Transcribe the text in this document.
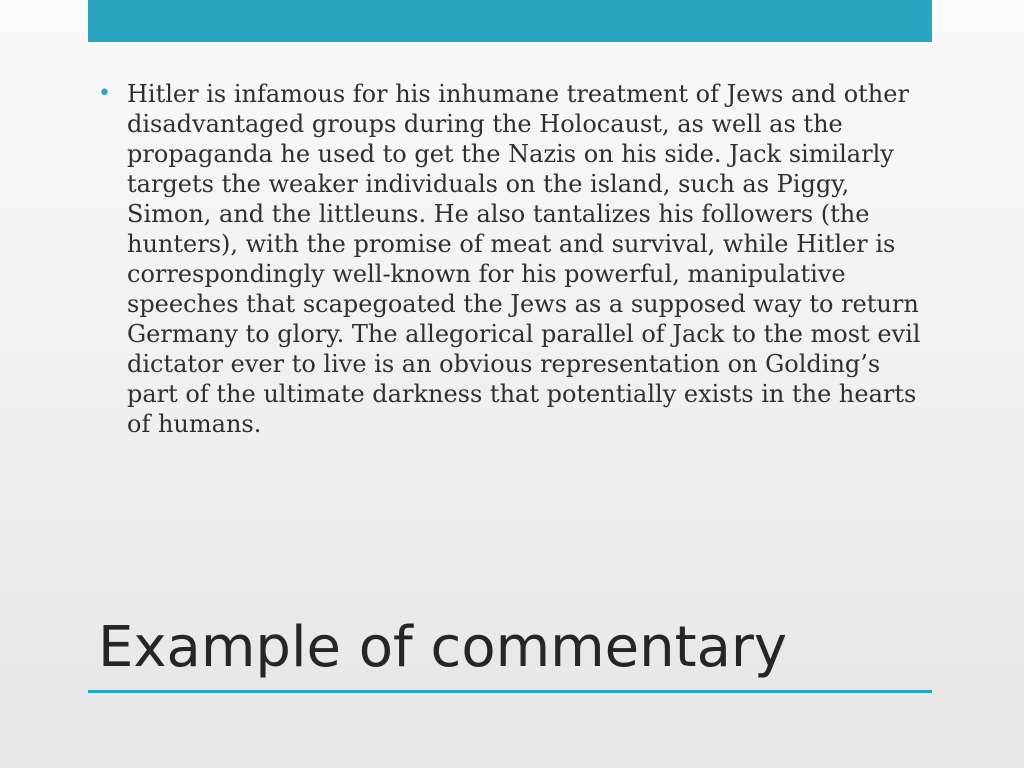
• Hitler is infamous for his inhumane treatment of Jews and other disadvantaged groups during the Holocaust, as well as the propaganda he used to get the Nazis on his side. Jack similarly targets the weaker individuals on the island, such as Piggy, Simon, and the littleuns. He also tantalizes his followers (the hunters), with the promise of meat and survival, while Hitler is correspondingly well-known for his powerful, manipulative speeches that scapegoated the Jews as a supposed way to return Germany to glory. The allegorical parallel of Jack to the most evil dictator ever to live is an obvious representation on Golding’s part of the ultimate darkness that potentially exists in the hearts of humans.

Example of commentary
